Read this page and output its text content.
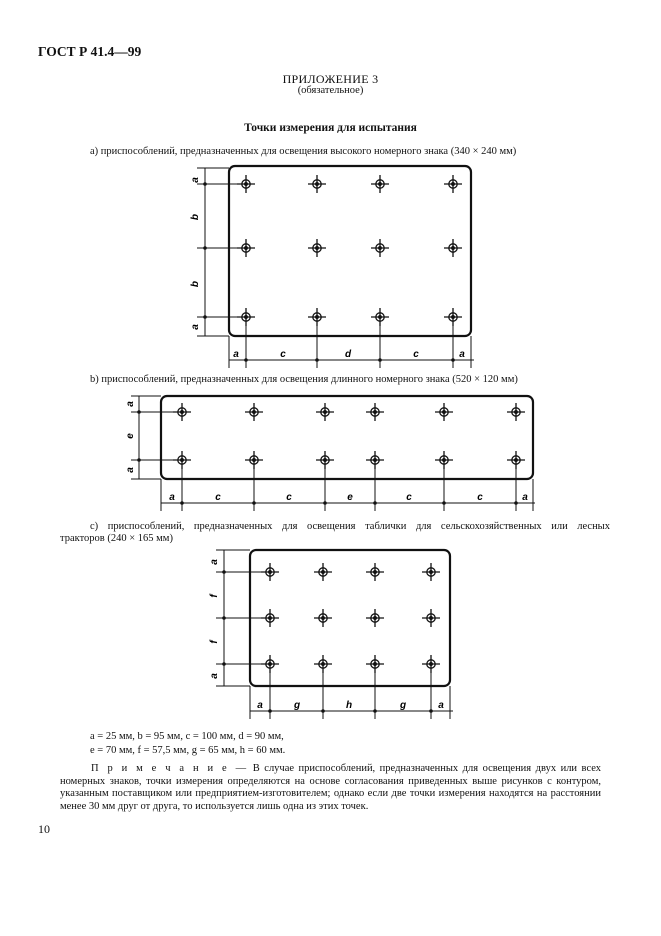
ГОСТ Р 41.4—99
ПРИЛОЖЕНИЕ 3
(обязательное)
Точки измерения для испытания
a) приспособлений, предназначенных для освещения высокого номерного знака (340 × 240 мм)
a
b
b
a
a	c	d	c	a
a
e
a
a	c	c	e	c	c	a
a
f
f
a
a	g	h	g	a
b) приспособлений, предназначенных для освещения длинного номерного знака (520 × 120 мм)
c) приспособлений, предназначенных для освещения таблички для сельскохозяйственных или лесных
тракторов (240 × 165 мм)
a = 25 мм, b = 95 мм, c = 100 мм, d = 90 мм,
e = 70 мм, f = 57,5 мм, g = 65 мм, h = 60 мм.
П р и м е ч а н и е — В случае приспособлений, предназначенных для освещения двух или всех номерных знаков, точки измерения определяются на основе согласования приведенных выше рисунков с контуром, указанным поставщиком или предприятием-изготовителем; однако если две точки измерения находятся на расстоянии менее 30 мм друг от друга, то используется лишь одна из этих точек.
10
